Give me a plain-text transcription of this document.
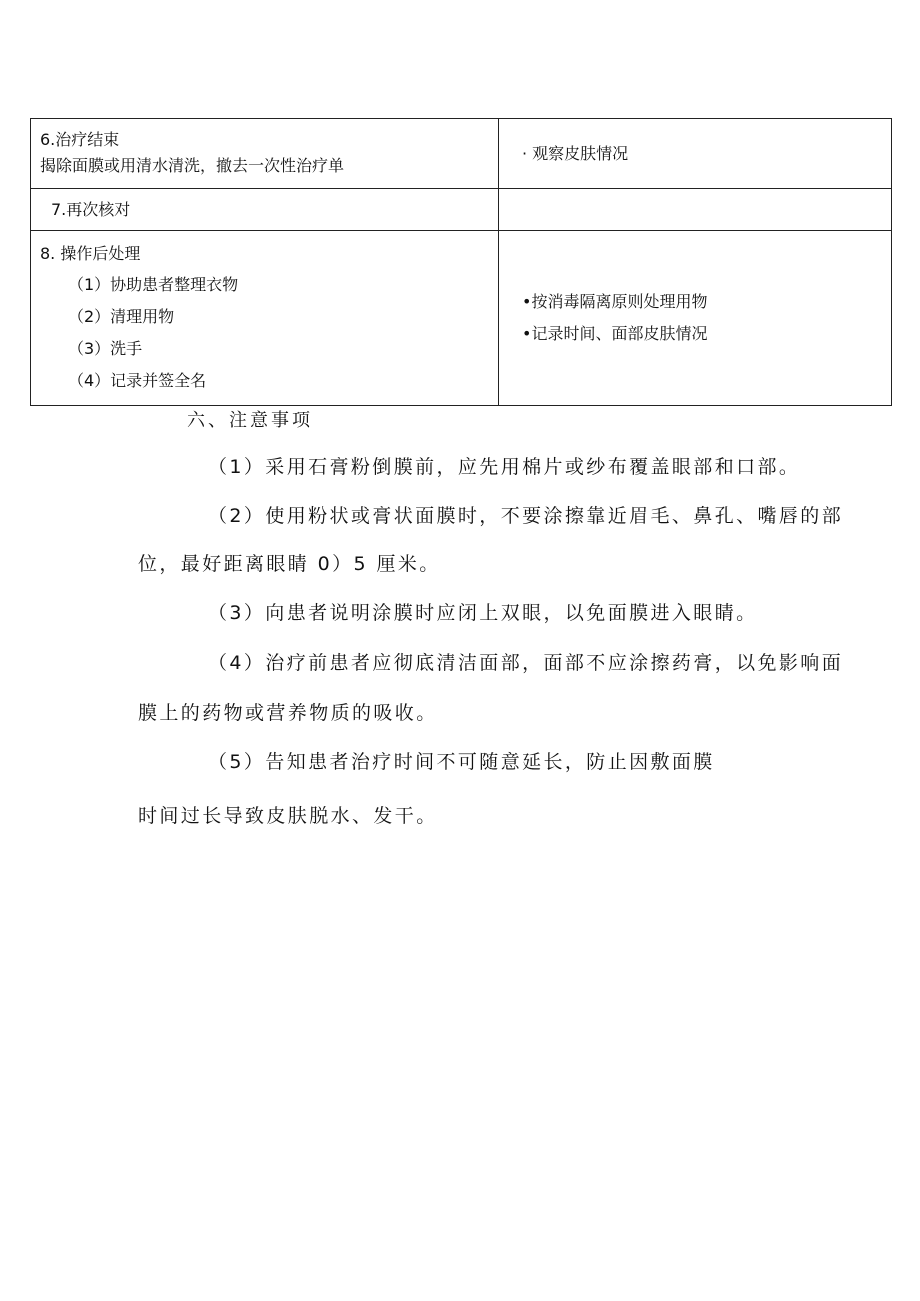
6.治疗结束
揭除面膜或用清水清洗，撤去一次性治疗单	· 观察皮肤情况

7.再次核对	

8. 操作后处理
（1）协助患者整理衣物
（2）清理用物
（3）洗手
（4）记录并签全名	•按消毒隔离原则处理用物
•记录时间、面部皮肤情况
六、注意事项
（1）采用石膏粉倒膜前，应先用棉片或纱布覆盖眼部和口部。
（2）使用粉状或膏状面膜时，不要涂擦靠近眉毛、鼻孔、嘴唇的部
位，最好距离眼睛 0）5 厘米。
（3）向患者说明涂膜时应闭上双眼，以免面膜进入眼睛。
（4）治疗前患者应彻底清洁面部，面部不应涂擦药膏，以免影响面
膜上的药物或营养物质的吸收。
（5）告知患者治疗时间不可随意延长，防止因敷面膜
时间过长导致皮肤脱水、发干。
